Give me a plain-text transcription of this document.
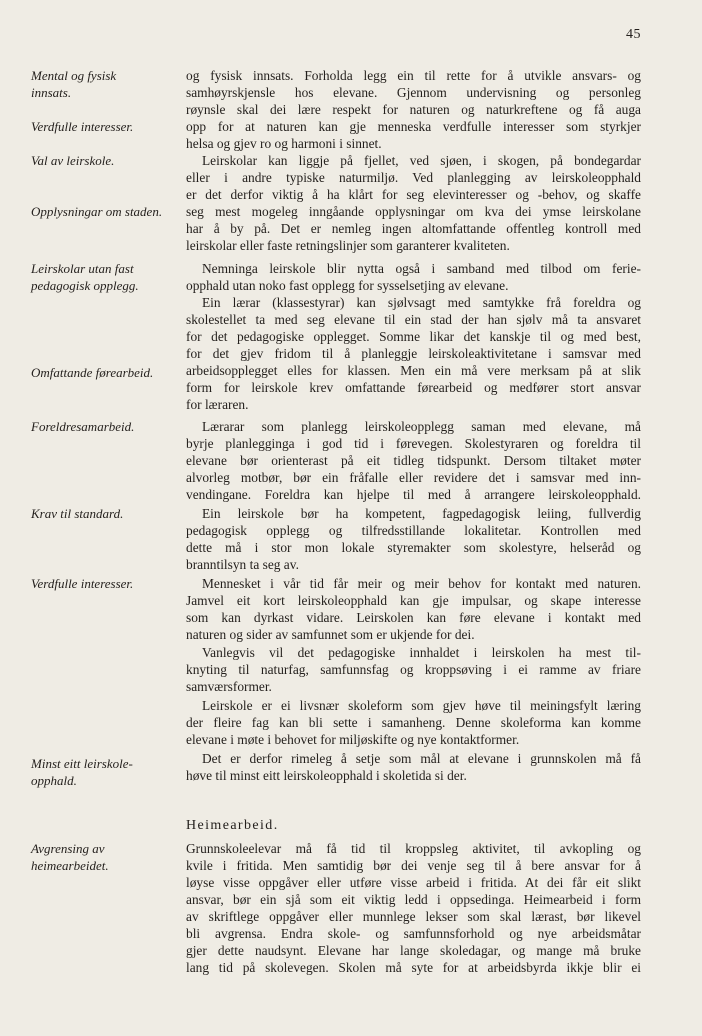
45
Mental og fysisk
innsats.
Verdfulle interesser.
Val av leirskole.
Opplysningar om staden.
Leirskolar utan fast
pedagogisk opplegg.
Omfattande førearbeid.
Foreldresamarbeid.
Krav til standard.
Verdfulle interesser.
Minst eitt leirskole-
opphald.
Avgrensing av
heimearbeidet.
og fysisk innsats. Forholda legg ein til rette for å utvikle ansvars- og
samhøyrskjensle hos elevane. Gjennom undervisning og personleg
røynsle skal dei lære respekt for naturen og naturkreftene og få auga
opp for at naturen kan gje menneska verdfulle interesser som styrkjer
helsa og gjev ro og harmoni i sinnet.
Leirskolar kan liggje på fjellet, ved sjøen, i skogen, på bondegardar
eller i andre typiske naturmiljø. Ved planlegging av leirskoleopphald
er det derfor viktig å ha klårt for seg elevinteresser og -behov, og skaffe
seg mest mogeleg inngåande opplysningar om kva dei ymse leirskolane
har å by på. Det er nemleg ingen altomfattande offentleg kontroll med
leirskolar eller faste retningslinjer som garanterer kvaliteten.
Nemninga leirskole blir nytta også i samband med tilbod om ferie-
opphald utan noko fast opplegg for sysselsetjing av elevane.
Ein lærar (klassestyrar) kan sjølvsagt med samtykke frå foreldra og
skolestellet ta med seg elevane til ein stad der han sjølv må ta ansvaret
for det pedagogiske opplegget. Somme likar det kanskje til og med best,
for det gjev fridom til å planleggje leirskoleaktivitetane i samsvar med
arbeidsopplegget elles for klassen. Men ein må vere merksam på at slik
form for leirskole krev omfattande førearbeid og medfører stort ansvar
for læraren.
Lærarar som planlegg leirskoleopplegg saman med elevane, må
byrje planlegginga i god tid i førevegen. Skolestyraren og foreldra til
elevane bør orienterast på eit tidleg tidspunkt. Dersom tiltaket møter
alvorleg motbør, bør ein fråfalle eller revidere det i samsvar med inn-
vendingane. Foreldra kan hjelpe til med å arrangere leirskoleopphald.
Ein leirskole bør ha kompetent, fagpedagogisk leiing, fullverdig
pedagogisk opplegg og tilfredsstillande lokalitetar. Kontrollen med
dette må i stor mon lokale styremakter som skolestyre, helseråd og
branntilsyn ta seg av.
Mennesket i vår tid får meir og meir behov for kontakt med naturen.
Jamvel eit kort leirskoleopphald kan gje impulsar, og skape interesse
som kan dyrkast vidare. Leirskolen kan føre elevane i kontakt med
naturen og sider av samfunnet som er ukjende for dei.
Vanlegvis vil det pedagogiske innhaldet i leirskolen ha mest til-
knyting til naturfag, samfunnsfag og kroppsøving i ei ramme av friare
samværsformer.
Leirskole er ei livsnær skoleform som gjev høve til meiningsfylt læring
der fleire fag kan bli sette i samanheng. Denne skoleforma kan komme
elevane i møte i behovet for miljøskifte og nye kontaktformer.
Det er derfor rimeleg å setje som mål at elevane i grunnskolen må få
høve til minst eitt leirskoleopphald i skoletida si der.
Heimearbeid.
Grunnskoleelevar må få tid til kroppsleg aktivitet, til avkopling og
kvile i fritida. Men samtidig bør dei venje seg til å bere ansvar for å
løyse visse oppgåver eller utføre visse arbeid i fritida. At dei får eit slikt
ansvar, bør ein sjå som eit viktig ledd i oppsedinga. Heimearbeid i form
av skriftlege oppgåver eller munnlege lekser som skal lærast, bør likevel
bli avgrensa. Endra skole- og samfunnsforhold og nye arbeidsmåtar
gjer dette naudsynt. Elevane har lange skoledagar, og mange må bruke
lang tid på skolevegen. Skolen må syte for at arbeidsbyrda ikkje blir ei
